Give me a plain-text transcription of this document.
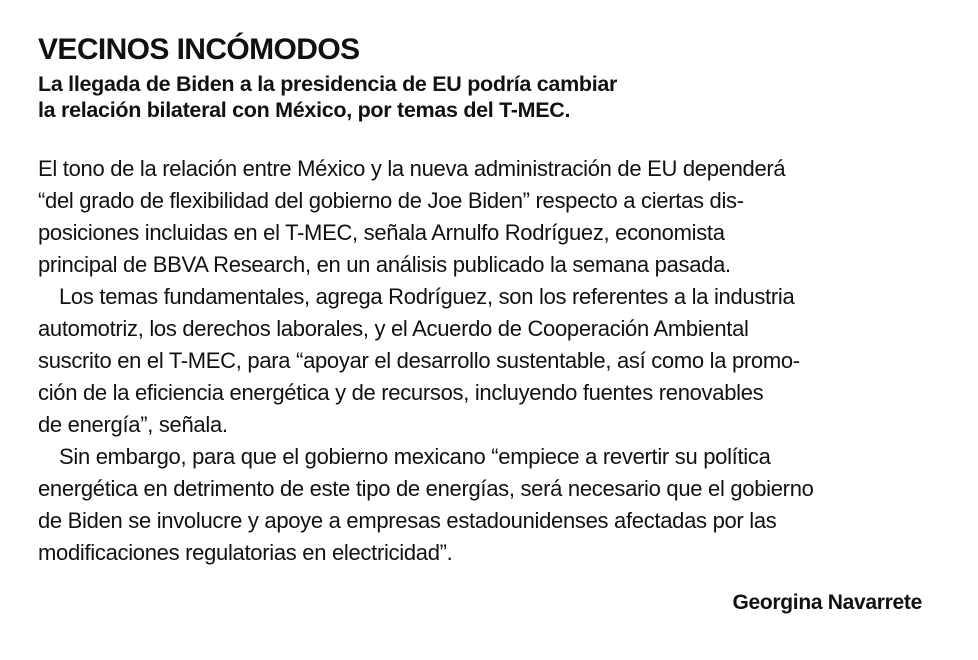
VECINOS INCÓMODOS

La llegada de Biden a la presidencia de EU podría cambiar
la relación bilateral con México, por temas del T-MEC.

El tono de la relación entre México y la nueva administración de EU dependerá
“del grado de flexibilidad del gobierno de Joe Biden” respecto a ciertas dis-
posiciones incluidas en el T-MEC, señala Arnulfo Rodríguez, economista
principal de BBVA Research, en un análisis publicado la semana pasada.
Los temas fundamentales, agrega Rodríguez, son los referentes a la industria
automotriz, los derechos laborales, y el Acuerdo de Cooperación Ambiental
suscrito en el T-MEC, para “apoyar el desarrollo sustentable, así como la promo-
ción de la eficiencia energética y de recursos, incluyendo fuentes renovables
de energía”, señala.
Sin embargo, para que el gobierno mexicano “empiece a revertir su política
energética en detrimento de este tipo de energías, será necesario que el gobierno
de Biden se involucre y apoye a empresas estadounidenses afectadas por las
modificaciones regulatorias en electricidad”.
Georgina Navarrete
